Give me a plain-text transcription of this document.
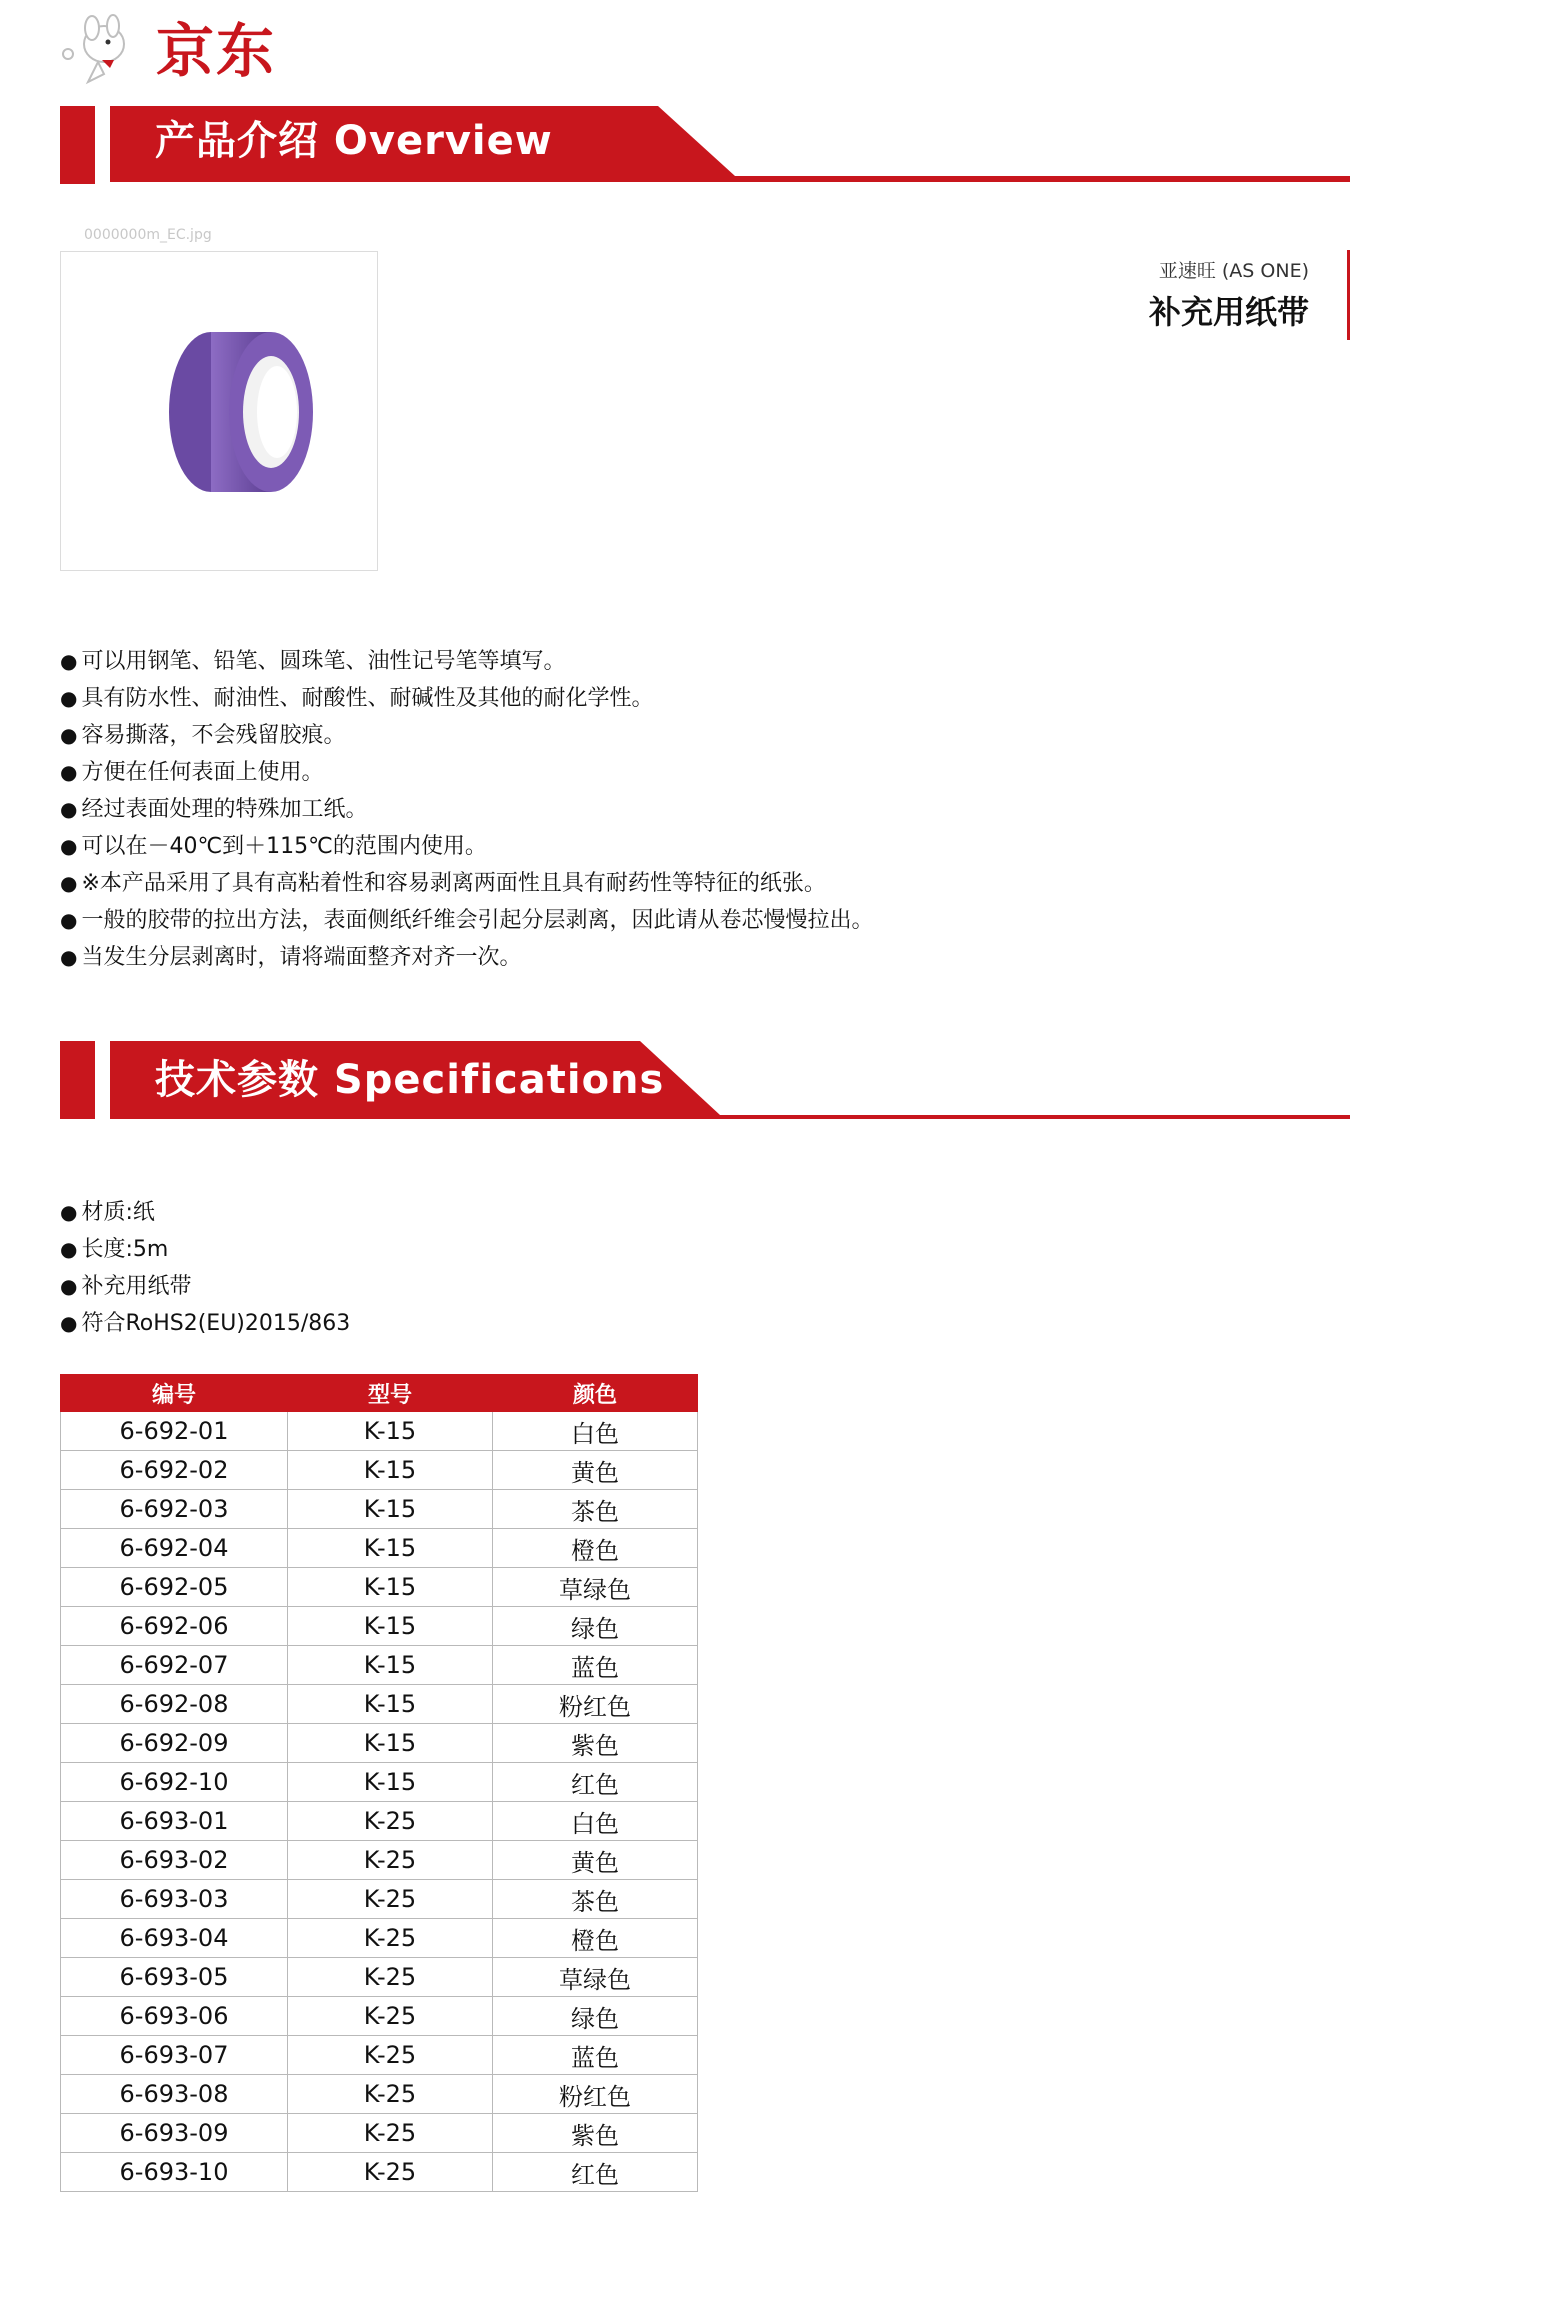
京东
产品介绍 Overview
0000000m_EC.jpg
亚速旺 (AS ONE)
补充用纸带
● 可以用钢笔、铅笔、圆珠笔、油性记号笔等填写。
● 具有防水性、耐油性、耐酸性、耐碱性及其他的耐化学性。
● 容易撕落，不会残留胶痕。
● 方便在任何表面上使用。
● 经过表面处理的特殊加工纸。
● 可以在－40℃到＋115℃的范围内使用。
● ※本产品采用了具有高粘着性和容易剥离两面性且具有耐药性等特征的纸张。
● 一般的胶带的拉出方法，表面侧纸纤维会引起分层剥离，因此请从卷芯慢慢拉出。
● 当发生分层剥离时，请将端面整齐对齐一次。
技术参数 Specifications
● 材质:纸
● 长度:5m
● 补充用纸带
● 符合RoHS2(EU)2015/863
编号	型号	颜色
6-692-01	K-15	白色
6-692-02	K-15	黄色
6-692-03	K-15	茶色
6-692-04	K-15	橙色
6-692-05	K-15	草绿色
6-692-06	K-15	绿色
6-692-07	K-15	蓝色
6-692-08	K-15	粉红色
6-692-09	K-15	紫色
6-692-10	K-15	红色
6-693-01	K-25	白色
6-693-02	K-25	黄色
6-693-03	K-25	茶色
6-693-04	K-25	橙色
6-693-05	K-25	草绿色
6-693-06	K-25	绿色
6-693-07	K-25	蓝色
6-693-08	K-25	粉红色
6-693-09	K-25	紫色
6-693-10	K-25	红色
